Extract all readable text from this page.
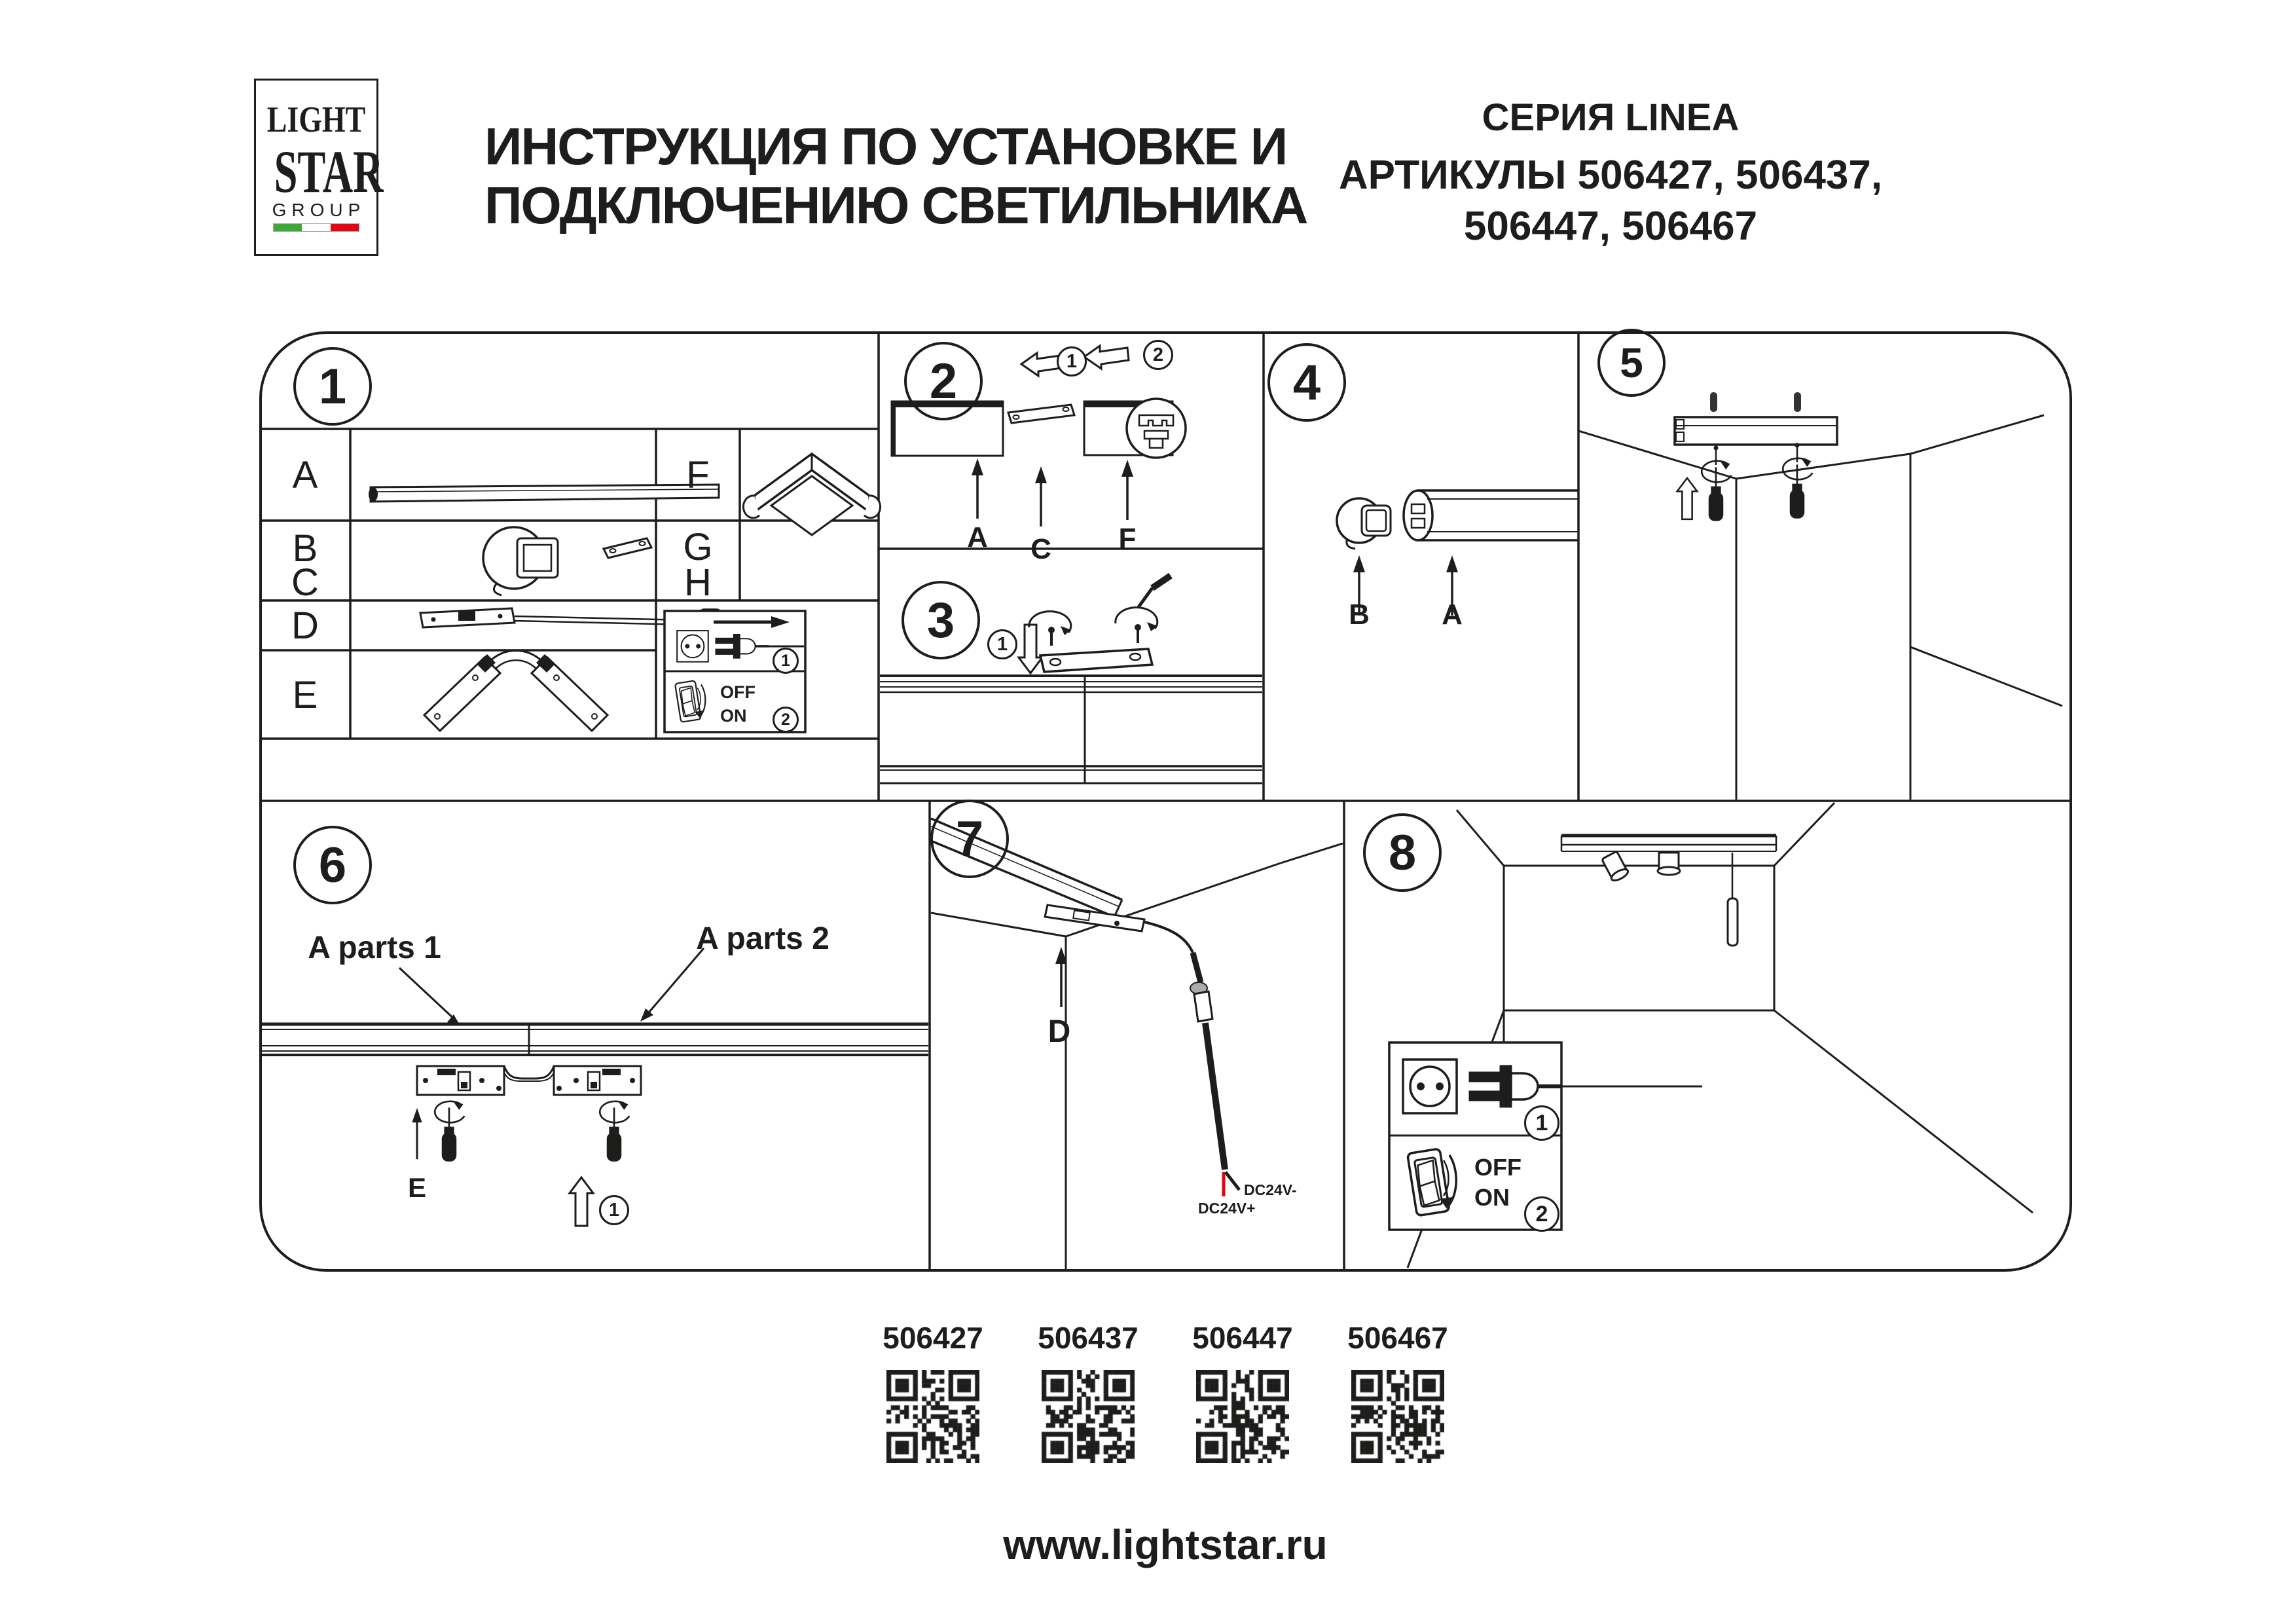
LIGHT
STAR
GROUP
ИНСТРУКЦИЯ ПО УСТАНОВКЕ И
ПОДКЛЮЧЕНИЮ СВЕТИЛЬНИКА
СЕРИЯ LINEA
АРТИКУЛЫ 506427, 506437,
506447, 506467
1	2
3
4	5
6	7	8
A
B
C
D
E
F
G
H
OFF
ON
1
2
1	2
A C F
1
B	A
A parts 1	A parts 2
E
1
D
DC24V-
DC24V+
OFF
ON
1
2
506427 506437 506447 506467
www.lightstar.ru
